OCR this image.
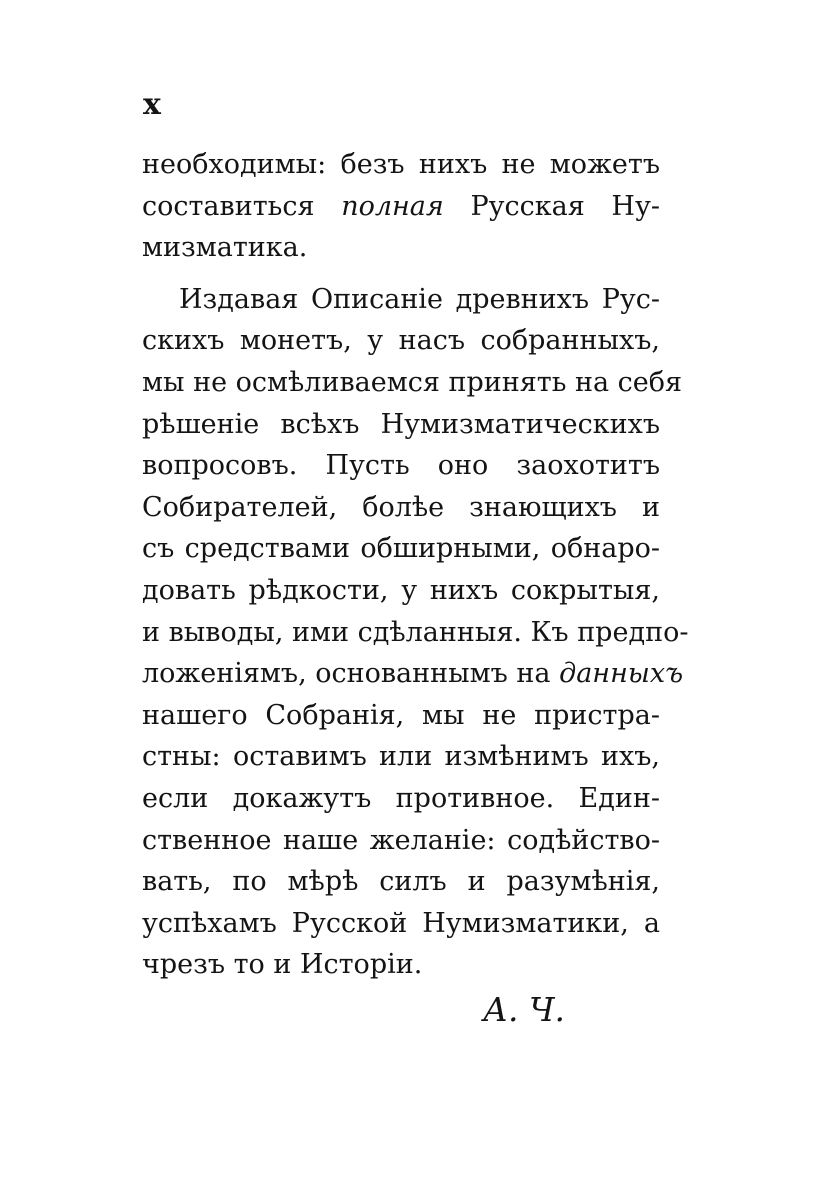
x
необходимы: безъ нихъ не можетъ
составиться полная Русская Ну-
мизматика.
Издавая Описаніе древнихъ Рус-
скихъ монетъ, у насъ собранныхъ,
мы не осмѣливаемся принять на себя
рѣшеніе всѣхъ Нумизматическихъ
вопросовъ. Пусть оно заохотитъ
Собирателей, болѣе знающихъ и
съ средствами обширными, обнаро-
довать рѣдкости, у нихъ сокрытыя,
и выводы, ими сдѣланныя. Къ предпо-
ложеніямъ, основаннымъ на данныхъ
нашего Собранія, мы не пристра-
стны: оставимъ или измѣнимъ ихъ,
если докажутъ противное. Един-
ственное наше желаніе: содѣйство-
вать, по мѣрѣ силъ и разумѣнія,
успѣхамъ Русской Нумизматики, а
чрезъ то и Исторіи.
А. Ч.
